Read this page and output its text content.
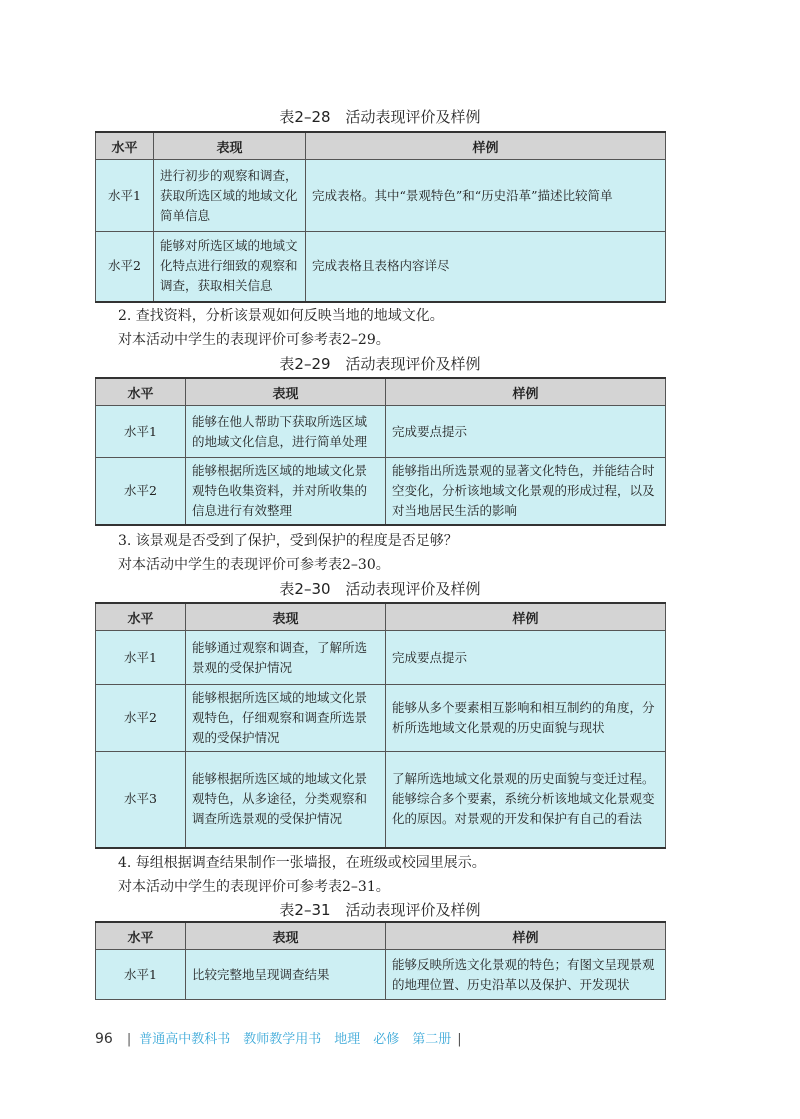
表2–28　活动表现评价及样例
水平	表现	样例
水平1	进行初步的观察和调查，获取所选区域的地域文化简单信息	完成表格。其中“景观特色”和“历史沿革”描述比较简单
水平2	能够对所选区域的地域文化特点进行细致的观察和调查，获取相关信息	完成表格且表格内容详尽
2. 查找资料，分析该景观如何反映当地的地域文化。
对本活动中学生的表现评价可参考表2–29。
表2–29　活动表现评价及样例
水平	表现	样例
水平1	能够在他人帮助下获取所选区域的地域文化信息，进行简单处理	完成要点提示
水平2	能够根据所选区域的地域文化景观特色收集资料，并对所收集的信息进行有效整理	能够指出所选景观的显著文化特色，并能结合时空变化，分析该地域文化景观的形成过程，以及对当地居民生活的影响
3. 该景观是否受到了保护，受到保护的程度是否足够？
对本活动中学生的表现评价可参考表2–30。
表2–30　活动表现评价及样例
水平	表现	样例
水平1	能够通过观察和调查，了解所选景观的受保护情况	完成要点提示
水平2	能够根据所选区域的地域文化景观特色，仔细观察和调查所选景观的受保护情况	能够从多个要素相互影响和相互制约的角度，分析所选地域文化景观的历史面貌与现状
水平3	能够根据所选区域的地域文化景观特色，从多途径，分类观察和调查所选景观的受保护情况	了解所选地域文化景观的历史面貌与变迁过程。能够综合多个要素，系统分析该地域文化景观变化的原因。对景观的开发和保护有自己的看法
4. 每组根据调查结果制作一张墙报，在班级或校园里展示。
对本活动中学生的表现评价可参考表2–31。
表2–31　活动表现评价及样例
水平	表现	样例
水平1	比较完整地呈现调查结果	能够反映所选文化景观的特色；有图文呈现景观的地理位置、历史沿革以及保护、开发现状
96 | 普通高中教科书　教师教学用书　地理　必修　第二册 |
